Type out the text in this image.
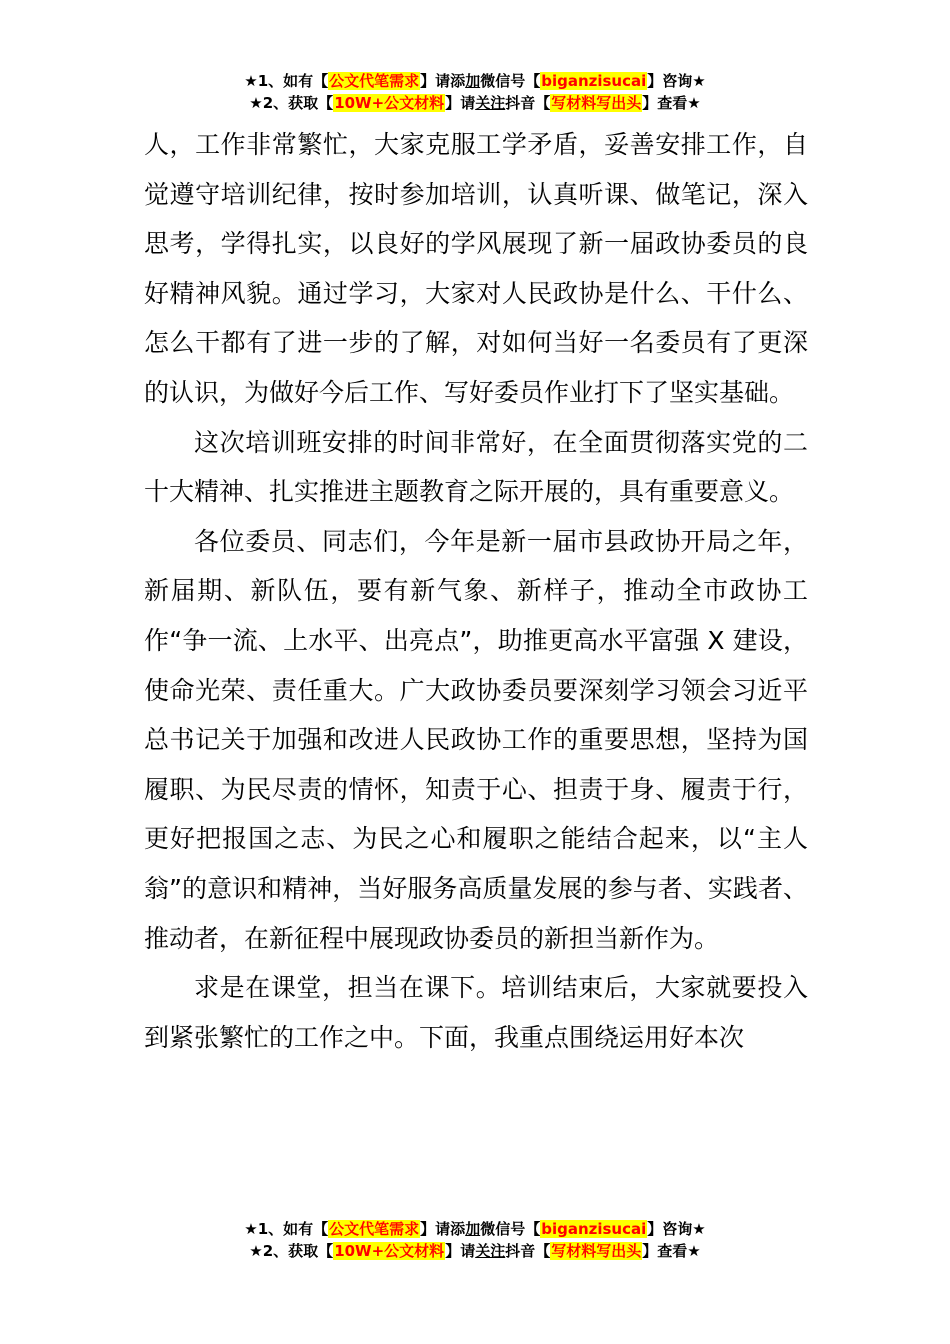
★1、如有【公文代笔需求】请添加微信号【biganzisucai】咨询★
★2、获取【10W+公文材料】请关注抖音【写材料写出头】查看★

人，工作非常繁忙，大家克服工学矛盾，妥善安排工作，自觉遵守培训纪律，按时参加培训，认真听课、做笔记，深入思考，学得扎实，以良好的学风展现了新一届政协委员的良好精神风貌。通过学习，大家对人民政协是什么、干什么、怎么干都有了进一步的了解，对如何当好一名委员有了更深的认识，为做好今后工作、写好委员作业打下了坚实基础。

这次培训班安排的时间非常好，在全面贯彻落实党的二十大精神、扎实推进主题教育之际开展的，具有重要意义。

各位委员、同志们，今年是新一届市县政协开局之年，新届期、新队伍，要有新气象、新样子，推动全市政协工作“争一流、上水平、出亮点”，助推更高水平富强 X 建设，使命光荣、责任重大。广大政协委员要深刻学习领会习近平总书记关于加强和改进人民政协工作的重要思想，坚持为国履职、为民尽责的情怀，知责于心、担责于身、履责于行，更好把报国之志、为民之心和履职之能结合起来，以“主人翁”的意识和精神，当好服务高质量发展的参与者、实践者、推动者，在新征程中展现政协委员的新担当新作为。

求是在课堂，担当在课下。培训结束后，大家就要投入到紧张繁忙的工作之中。下面，我重点围绕运用好本次

★1、如有【公文代笔需求】请添加微信号【biganzisucai】咨询★
★2、获取【10W+公文材料】请关注抖音【写材料写出头】查看★
